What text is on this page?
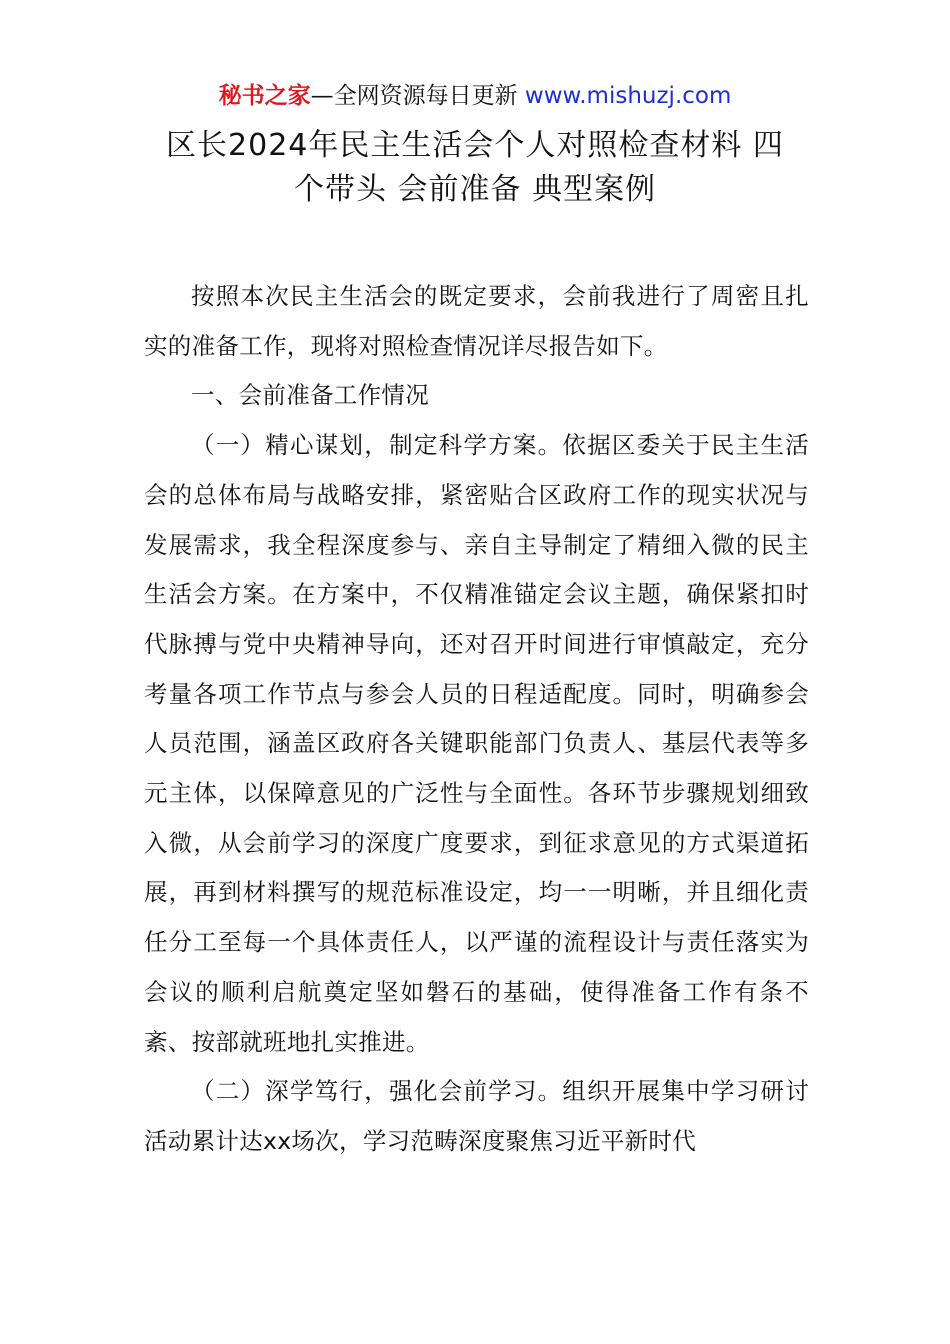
秘书之家—全网资源每日更新 www.mishuzj.com
区长2024年民主生活会个人对照检查材料 四
个带头 会前准备 典型案例

按照本次民主生活会的既定要求，会前我进行了周密且扎实的准备工作，现将对照检查情况详尽报告如下。

一、会前准备工作情况

（一）精心谋划，制定科学方案。依据区委关于民主生活会的总体布局与战略安排，紧密贴合区政府工作的现实状况与发展需求，我全程深度参与、亲自主导制定了精细入微的民主生活会方案。在方案中，不仅精准锚定会议主题，确保紧扣时代脉搏与党中央精神导向，还对召开时间进行审慎敲定，充分考量各项工作节点与参会人员的日程适配度。同时，明确参会人员范围，涵盖区政府各关键职能部门负责人、基层代表等多元主体，以保障意见的广泛性与全面性。各环节步骤规划细致入微，从会前学习的深度广度要求，到征求意见的方式渠道拓展，再到材料撰写的规范标准设定，均一一明晰，并且细化责任分工至每一个具体责任人，以严谨的流程设计与责任落实为会议的顺利启航奠定坚如磐石的基础，使得准备工作有条不紊、按部就班地扎实推进。

（二）深学笃行，强化会前学习。组织开展集中学习研讨活动累计达xx场次，学习范畴深度聚焦习近平新时代
